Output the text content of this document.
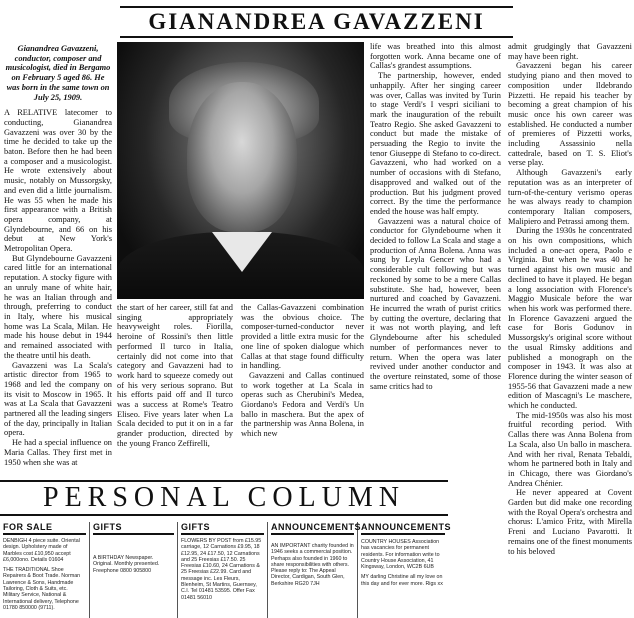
GIANANDREA GAVAZZENI
Gianandrea Gavazzeni, conductor, composer and musicologist, died in Bergamo on February 5 aged 86. He was born in the same town on July 25, 1909.

A RELATIVE latecomer to conducting, Gianandrea Gavazzeni was over 30 by the time he decided to take up the baton. Before then he had been a composer and a musicologist. He wrote extensively about music, notably on Mussorgsky, and even did a little journalism. He was 55 when he made his first appearance with a British opera company, at Glyndebourne, and 66 on his debut at New York's Metropolitan Opera.

But Glyndebourne Gavazzeni cared little for an international reputation. A stocky figure with an unruly mane of white hair, he was an Italian through and through, preferring to conduct in Italy, where his musical home was La Scala, Milan. He made his house debut in 1944 and remained associated with the theatre until his death.

Gavazzeni was La Scala's artistic director from 1965 to 1968 and led the company on its visit to Moscow in 1965. It was at La Scala that Gavazzeni partnered all the leading singers of the day, principally in Italian opera.

He had a special influence on Maria Callas. They first met in 1950 when she was at

the start of her career, still fat and singing appropriately heavyweight roles. Fiorilla, heroine of Rossini's then little performed Il turco in Italia, certainly did not come into that category and Gavazzeni had to work hard to squeeze comedy out of his very serious soprano. But his efforts paid off and Il turco was a success at Rome's Teatro Eliseo. Five years later when La Scala decided to put it on in a far grander production, directed by the young Franco Zeffirelli,

the Callas-Gavazzeni combination was the obvious choice. The composer-turned-conductor never provided a little extra music for the one line of spoken dialogue which Callas at that stage found difficulty in handling.

Gavazzeni and Callas continued to work together at La Scala in operas such as Cherubini's Medea, Giordano's Fedora and Verdi's Un ballo in maschera. But the apex of the partnership was Anna Bolena, in which new

life was breathed into this almost forgotten work. Anna became one of Callas's grandest assumptions.

The partnership, however, ended unhappily. After her singing career was over, Callas was invited by Turin to stage Verdi's I vespri siciliani to mark the inauguration of the rebuilt Teatro Regio. She asked Gavazzeni to conduct but made the mistake of persuading the Regio to invite the tenor Giuseppe di Stefano to co-direct. Gavazzeni, who had worked on a number of occasions with di Stefano, disapproved and walked out of the production. But his judgment proved correct. By the time the performance ended the house was half empty.

Gavazzeni was a natural choice of conductor for Glyndebourne when it decided to follow La Scala and stage a production of Anna Bolena. Anna was sung by Leyla Gencer who had a considerable cult following but was reckoned by some to be a mere Callas substitute. She had, however, been nurtured and coached by Gavazzeni. He incurred the wrath of purist critics by cutting the overture, declaring that it was not worth playing, and left Glyndebourne after his scheduled number of performances never to return. When the opera was later revived under another conductor and the overture reinstated, some of those same critics had to

admit grudgingly that Gavazzeni may have been right.

Gavazzeni began his career studying piano and then moved to composition under Ildebrando Pizzetti. He repaid his teacher by becoming a great champion of his music once his own career was established. He conducted a number of premieres of Pizzetti works, including Assassinio nella cattedrale, based on T. S. Eliot's verse play.

Although Gavazzeni's early reputation was as an interpreter of turn-of-the-century verismo operas he was always ready to champion contemporary Italian composers, Malipiero and Petrassi among them.

During the 1930s he concentrated on his own compositions, which included a one-act opera, Paolo e Virginia. But when he was 40 he turned against his own music and declined to have it played. He began a long association with Florence's Maggio Musicale before the war when his work was performed there. In Florence Gavazzeni argued the case for Boris Godunov in Mussorgsky's original score without the usual Rimsky additions and published a monograph on the composer in 1943. It was also at Florence during the winter season of 1955-56 that Gavazzeni made a new edition of Mascagni's Le maschere, which he conducted.

The mid-1950s was also his most fruitful recording period. With Callas there was Anna Bolena from La Scala, also Un ballo in maschera. And with her rival, Renata Tebaldi, whom he partnered both in Italy and in Chicago, there was Giordano's Andrea Chénier.

He never appeared at Covent Garden but did make one recording with the Royal Opera's orchestra and chorus: L'amico Fritz, with Mirella Freni and Luciano Pavarotti. It remains one of the finest monuments to his beloved

PERSONAL COLUMN
FOR SALE
DENBIGH 4 piece suite. Oriental design. Upholstery made of Marbles cost £10,950 accept £6,000ono. Details 01604
THE TRADITIONAL Shoe Repairers & Boot Trade. Norman Lawrence & Sons, Handmade Tailoring, Cloth & Suits, etc. Military Service, National & International delivery, Telephone 01780 850000 (9711).
GIFTS
A BIRTHDAY Newspaper. Original. Monthly presented. Freephone 0800 905800
GIFTS
FLOWERS BY POST from £15.95 carriage, 12 Carnations £9.95, 18 £12.95, 24 £17.50, 12 Carnations and 25 Freesias £17.50. 25 Freesias £10.60, 24 Carnations & 25 Freesias £22.99. Card and message inc. Les Fleurs, Blenheim, St Martins, Guernsey, C.I. Tel 01481 53595. Offer Fax 01481 56010
ANNOUNCEMENTS
AN IMPORTANT charity founded in 1946 seeks a commercial position. Perhaps also founded in 1960 to share responsibilities with others. Please reply to: The Appeal Director, Cardigan, South Glen, Berkshire RG20 7JH
ANNOUNCEMENTS
COUNTRY HOUSES Association has vacancies for permanent residents. For information write to Country House Association, 41 Kingsway, London, WC2B 6UB
MY darling Christine all my love on this day and for ever more. Rigs xx
